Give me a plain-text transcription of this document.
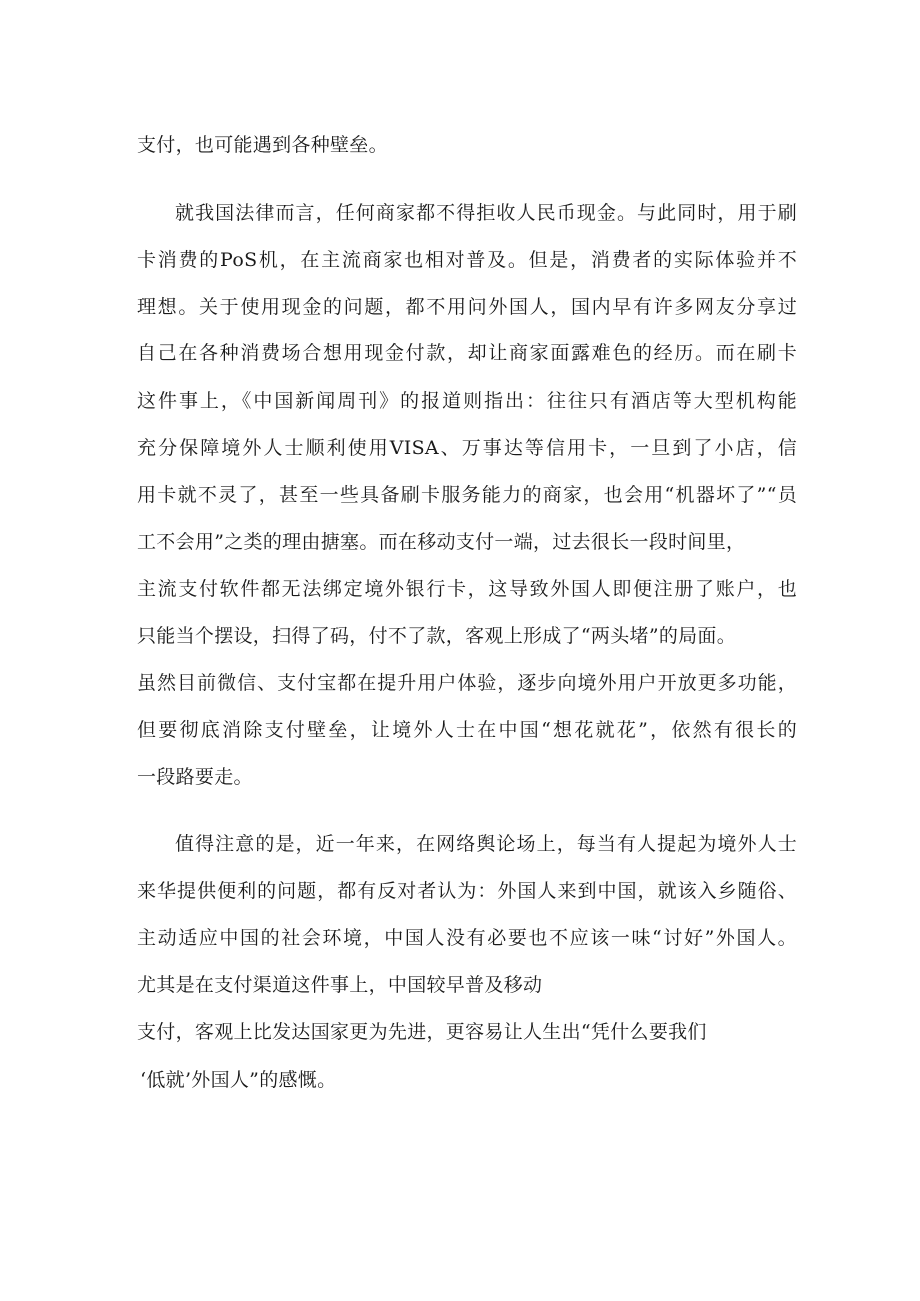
支付，也可能遇到各种壁垒。
就我国法律而言，任何商家都不得拒收人民币现金。与此同时，用于刷
卡消费的PoS机，在主流商家也相对普及。但是，消费者的实际体验并不
理想。关于使用现金的问题，都不用问外国人，国内早有许多网友分享过
自己在各种消费场合想用现金付款，却让商家面露难色的经历。而在刷卡
这件事上，《中国新闻周刊》的报道则指出：往往只有酒店等大型机构能
充分保障境外人士顺利使用VISA、万事达等信用卡，一旦到了小店，信
用卡就不灵了，甚至一些具备刷卡服务能力的商家，也会用“机器坏了”“员
工不会用”之类的理由搪塞。而在移动支付一端，过去很长一段时间里，
主流支付软件都无法绑定境外银行卡，这导致外国人即便注册了账户，也
只能当个摆设，扫得了码，付不了款，客观上形成了“两头堵”的局面。
虽然目前微信、支付宝都在提升用户体验，逐步向境外用户开放更多功能，
但要彻底消除支付壁垒，让境外人士在中国“想花就花”，依然有很长的
一段路要走。
值得注意的是，近一年来，在网络舆论场上，每当有人提起为境外人士
来华提供便利的问题，都有反对者认为：外国人来到中国，就该入乡随俗、
主动适应中国的社会环境，中国人没有必要也不应该一味“讨好”外国人。
尤其是在支付渠道这件事上，中国较早普及移动
支付，客观上比发达国家更为先进，更容易让人生出“凭什么要我们
‘低就’外国人”的感慨。
